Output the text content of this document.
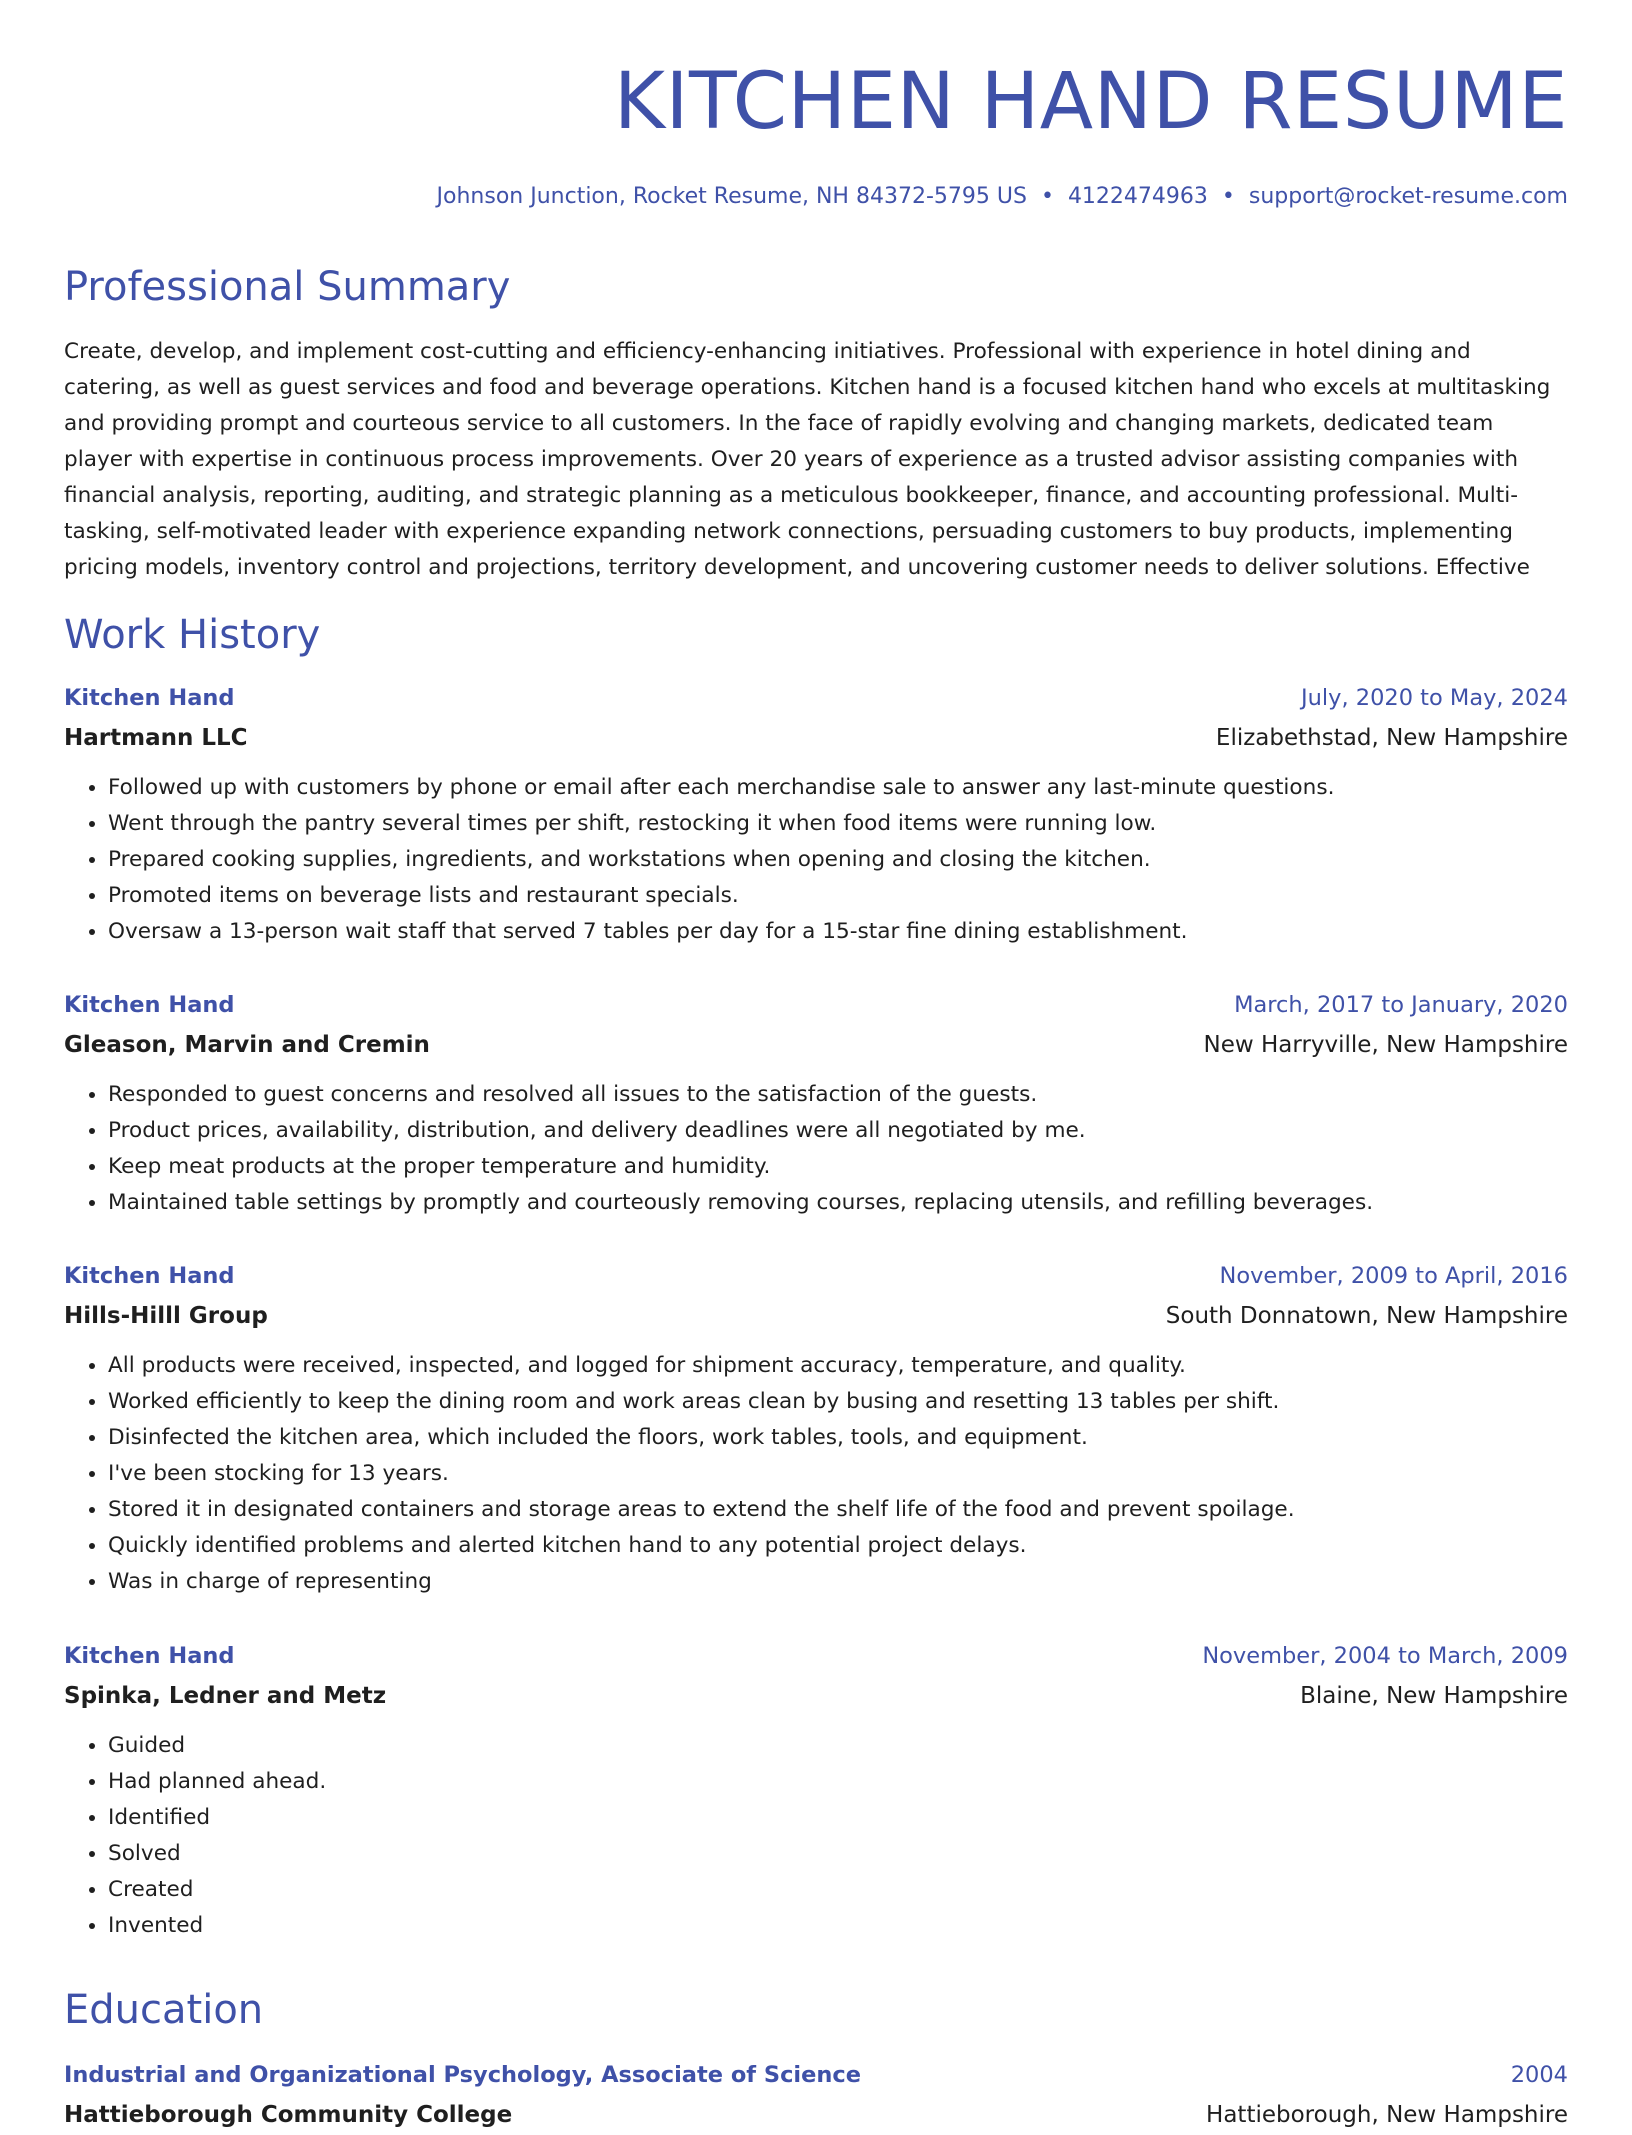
KITCHEN HAND RESUME
Johnson Junction, Rocket Resume, NH 84372-5795 US • 4122474963 • support@rocket-resume.com
Professional Summary

Create, develop, and implement cost-cutting and efficiency-enhancing initiatives. Professional with experience in hotel dining and catering, as well as guest services and food and beverage operations. Kitchen hand is a focused kitchen hand who excels at multitasking and providing prompt and courteous service to all customers. In the face of rapidly evolving and changing markets, dedicated team player with expertise in continuous process improvements. Over 20 years of experience as a trusted advisor assisting companies with financial analysis, reporting, auditing, and strategic planning as a meticulous bookkeeper, finance, and accounting professional. Multi-tasking, self-motivated leader with experience expanding network connections, persuading customers to buy products, implementing pricing models, inventory control and projections, territory development, and uncovering customer needs to deliver solutions. Effective

Work History
Kitchen Hand	July, 2020 to May, 2024
Hartmann LLC	Elizabethstad, New Hampshire
• Followed up with customers by phone or email after each merchandise sale to answer any last-minute questions.
• Went through the pantry several times per shift, restocking it when food items were running low.
• Prepared cooking supplies, ingredients, and workstations when opening and closing the kitchen.
• Promoted items on beverage lists and restaurant specials.
• Oversaw a 13-person wait staff that served 7 tables per day for a 15-star fine dining establishment.
Kitchen Hand	March, 2017 to January, 2020
Gleason, Marvin and Cremin	New Harryville, New Hampshire
• Responded to guest concerns and resolved all issues to the satisfaction of the guests.
• Product prices, availability, distribution, and delivery deadlines were all negotiated by me.
• Keep meat products at the proper temperature and humidity.
• Maintained table settings by promptly and courteously removing courses, replacing utensils, and refilling beverages.
Kitchen Hand	November, 2009 to April, 2016
Hills-Hilll Group	South Donnatown, New Hampshire
• All products were received, inspected, and logged for shipment accuracy, temperature, and quality.
• Worked efficiently to keep the dining room and work areas clean by busing and resetting 13 tables per shift.
• Disinfected the kitchen area, which included the floors, work tables, tools, and equipment.
• I've been stocking for 13 years.
• Stored it in designated containers and storage areas to extend the shelf life of the food and prevent spoilage.
• Quickly identified problems and alerted kitchen hand to any potential project delays.
• Was in charge of representing
Kitchen Hand	November, 2004 to March, 2009
Spinka, Ledner and Metz	Blaine, New Hampshire
• Guided
• Had planned ahead.
• Identified
• Solved
• Created
• Invented
Education
Industrial and Organizational Psychology, Associate of Science	2004
Hattieborough Community College	Hattieborough, New Hampshire
